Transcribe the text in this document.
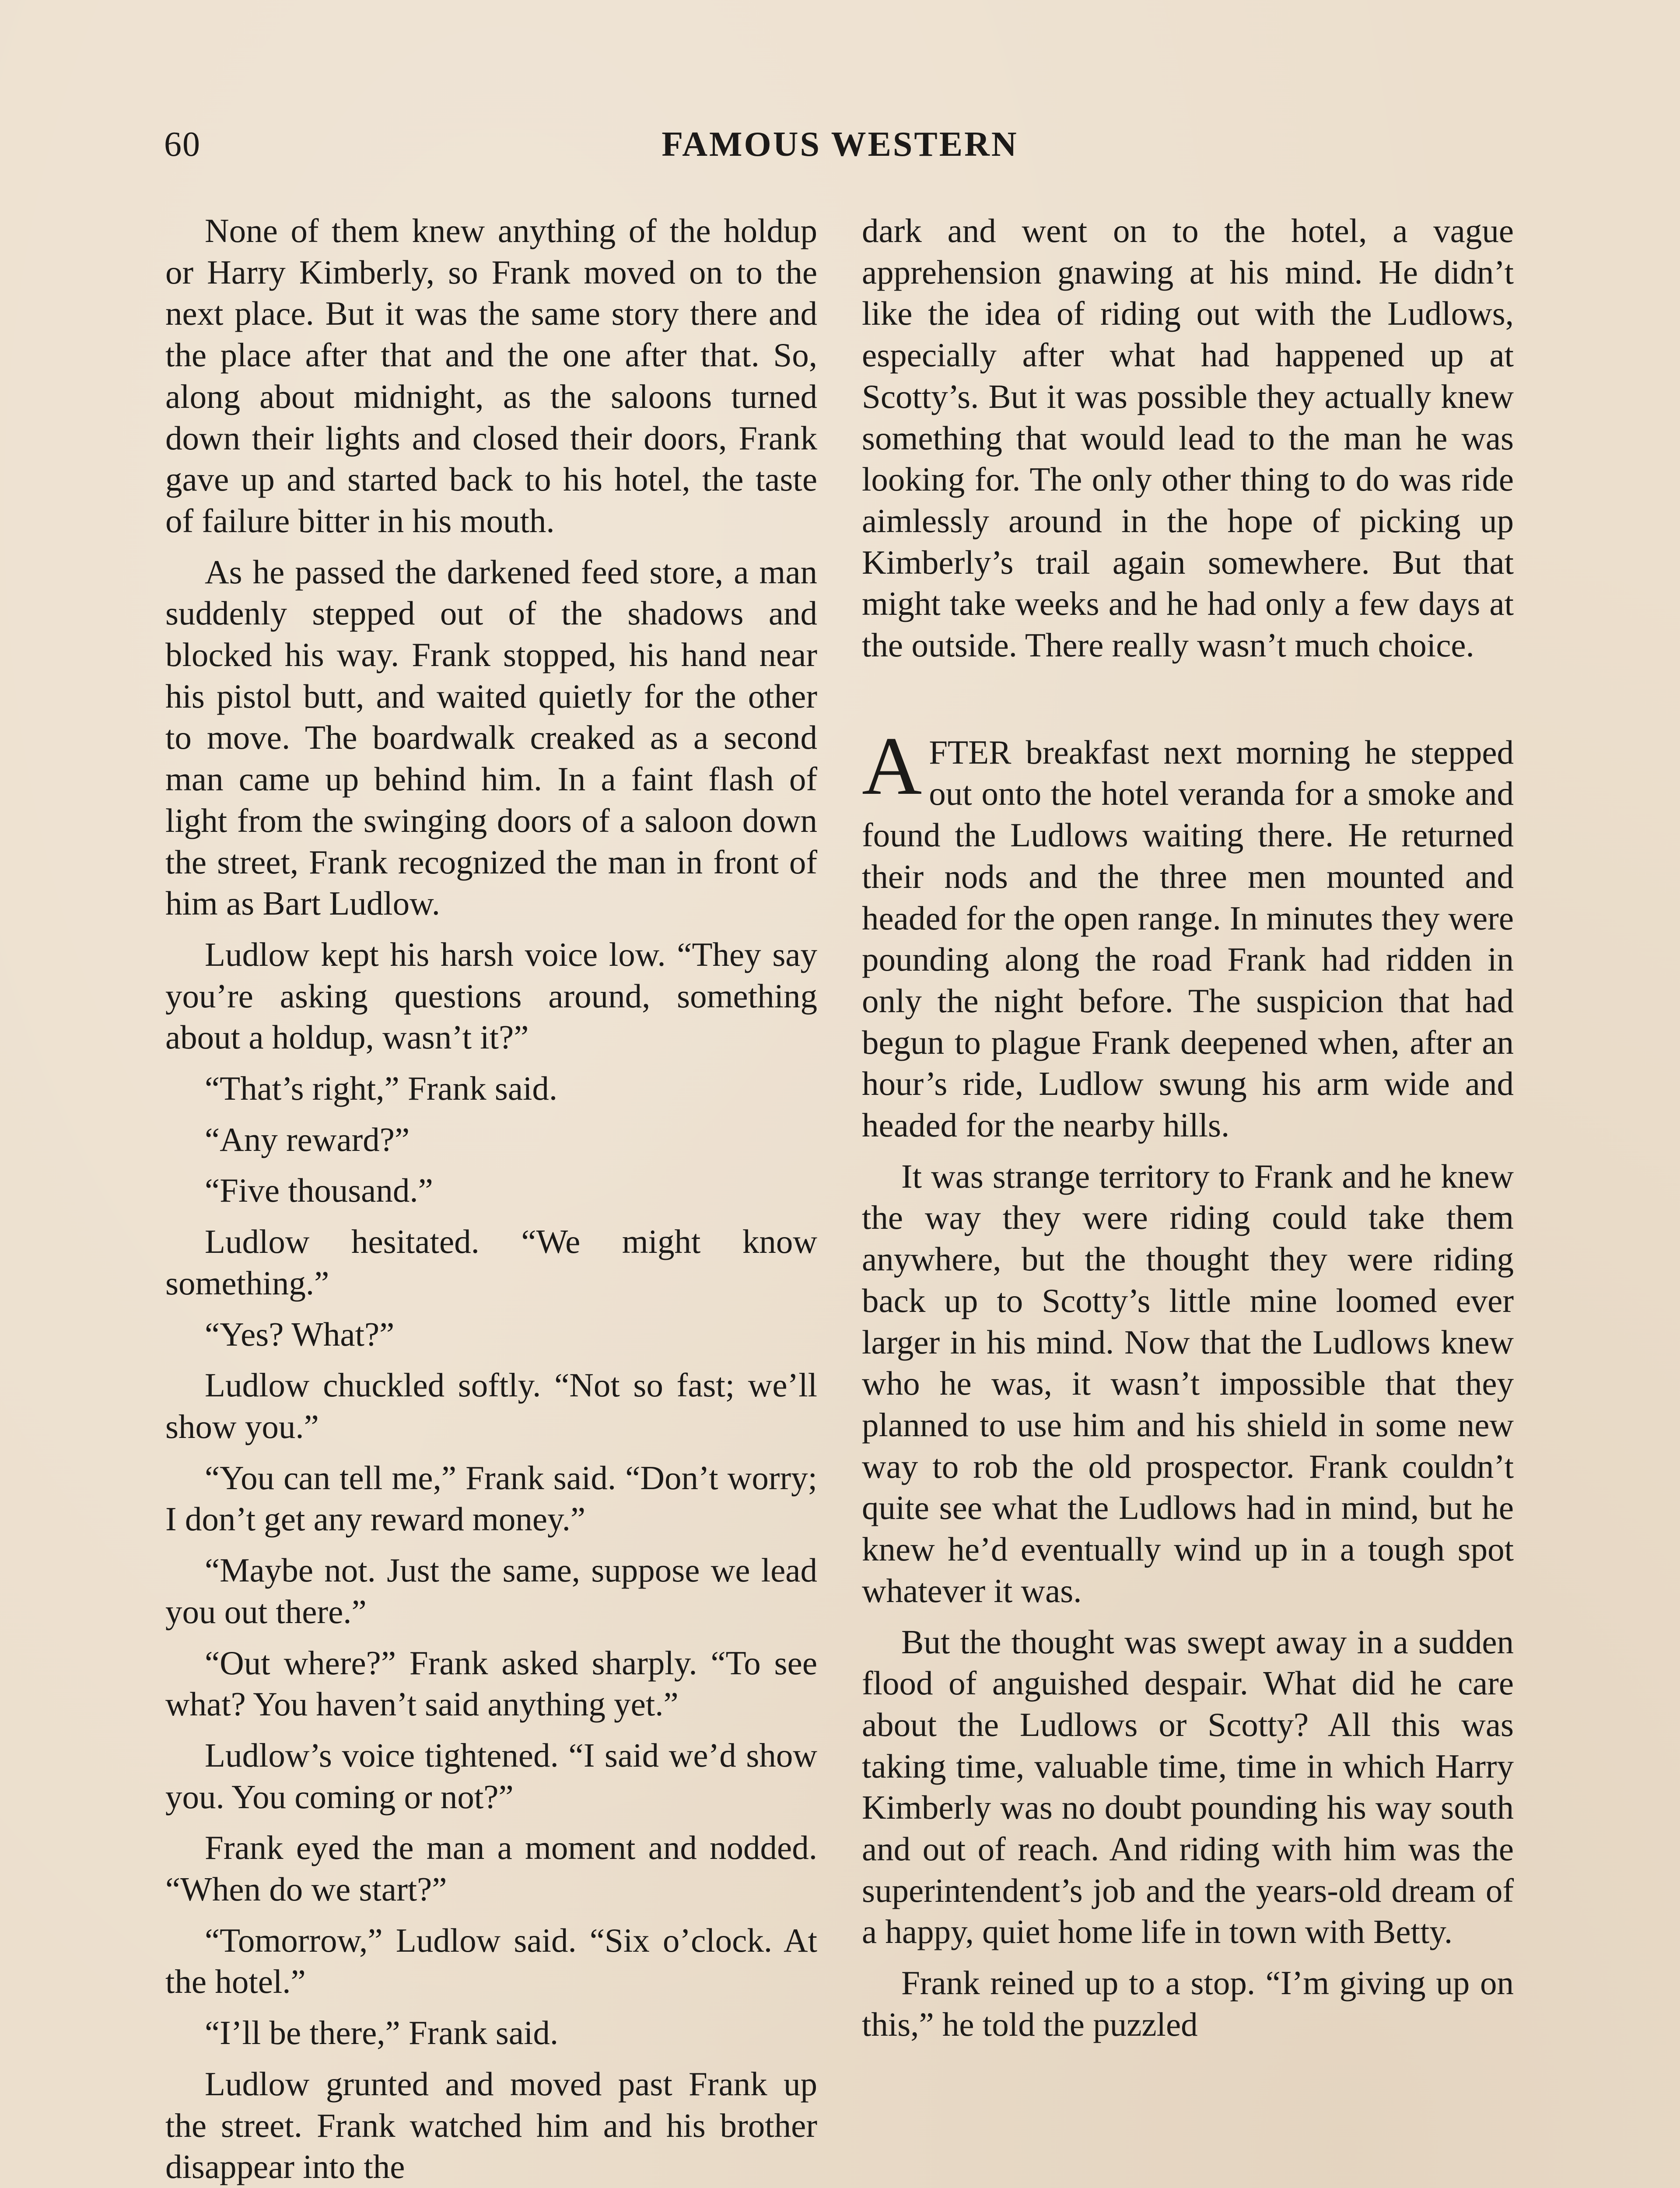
60	FAMOUS WESTERN

None of them knew anything of the holdup or Harry Kimberly, so Frank moved on to the next place. But it was the same story there and the place after that and the one after that. So, along about midnight, as the saloons turned down their lights and closed their doors, Frank gave up and started back to his hotel, the taste of failure bitter in his mouth.

As he passed the darkened feed store, a man suddenly stepped out of the shadows and blocked his way. Frank stopped, his hand near his pistol butt, and waited quietly for the other to move. The boardwalk creaked as a second man came up behind him. In a faint flash of light from the swinging doors of a saloon down the street, Frank recognized the man in front of him as Bart Ludlow.

Ludlow kept his harsh voice low. “They say you’re asking questions around, something about a holdup, wasn’t it?”

“That’s right,” Frank said.

“Any reward?”

“Five thousand.”

Ludlow hesitated. “We might know something.”

“Yes? What?”

Ludlow chuckled softly. “Not so fast; we’ll show you.”

“You can tell me,” Frank said. “Don’t worry; I don’t get any reward money.”

“Maybe not. Just the same, suppose we lead you out there.”

“Out where?” Frank asked sharply. “To see what? You haven’t said anything yet.”

Ludlow’s voice tightened. “I said we’d show you. You coming or not?”

Frank eyed the man a moment and nodded. “When do we start?”

“Tomorrow,” Ludlow said. “Six o’clock. At the hotel.”

“I’ll be there,” Frank said.

Ludlow grunted and moved past Frank up the street. Frank watched him and his brother disappear into the

dark and went on to the hotel, a vague apprehension gnawing at his mind. He didn’t like the idea of riding out with the Ludlows, especially after what had happened up at Scotty’s. But it was possible they actually knew something that would lead to the man he was looking for. The only other thing to do was ride aimlessly around in the hope of picking up Kimberly’s trail again somewhere. But that might take weeks and he had only a few days at the outside. There really wasn’t much choice.

AFTER breakfast next morning he stepped out onto the hotel veranda for a smoke and found the Ludlows waiting there. He returned their nods and the three men mounted and headed for the open range. In minutes they were pounding along the road Frank had ridden in only the night before. The suspicion that had begun to plague Frank deepened when, after an hour’s ride, Ludlow swung his arm wide and headed for the nearby hills.

It was strange territory to Frank and he knew the way they were riding could take them anywhere, but the thought they were riding back up to Scotty’s little mine loomed ever larger in his mind. Now that the Ludlows knew who he was, it wasn’t impossible that they planned to use him and his shield in some new way to rob the old prospector. Frank couldn’t quite see what the Ludlows had in mind, but he knew he’d eventually wind up in a tough spot whatever it was.

But the thought was swept away in a sudden flood of anguished despair. What did he care about the Ludlows or Scotty? All this was taking time, valuable time, time in which Harry Kimberly was no doubt pounding his way south and out of reach. And riding with him was the superintendent’s job and the years-old dream of a happy, quiet home life in town with Betty.

Frank reined up to a stop. “I’m giving up on this,” he told the puzzled
